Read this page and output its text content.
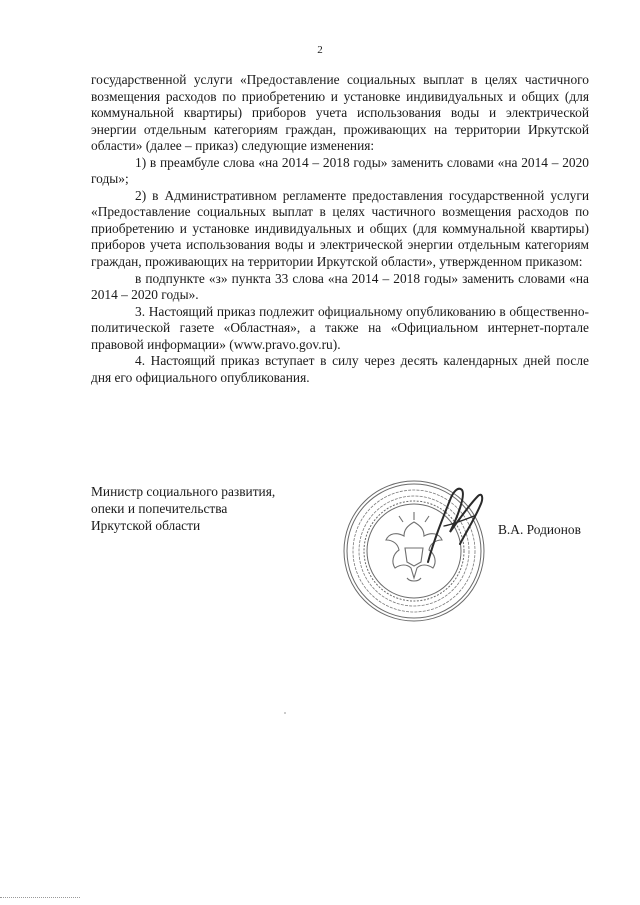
2

государственной услуги «Предоставление социальных выплат в целях частичного возмещения расходов по приобретению и установке индивидуальных и общих (для коммунальной квартиры) приборов учета использования воды и электрической энергии отдельным категориям граждан, проживающих на территории Иркутской области» (далее – приказ) следующие изменения:

1) в преамбуле слова «на 2014 – 2018 годы» заменить словами «на 2014 – 2020 годы»;

2) в Административном регламенте предоставления государственной услуги «Предоставление социальных выплат в целях частичного возмещения расходов по приобретению и установке индивидуальных и общих (для коммунальной квартиры) приборов учета использования воды и электрической энергии отдельным категориям граждан, проживающих на территории Иркутской области», утвержденном приказом:

в подпункте «з» пункта 33 слова «на 2014 – 2018 годы» заменить словами «на 2014 – 2020 годы».

3. Настоящий приказ подлежит официальному опубликованию в общественно-политической газете «Областная», а также на «Официальном интернет-портале правовой информации» (www.pravo.gov.ru).

4. Настоящий приказ вступает в силу через десять календарных дней после дня его официального опубликования.

Министр социального развития,
опеки и попечительства
Иркутской области	В.А. Родионов
